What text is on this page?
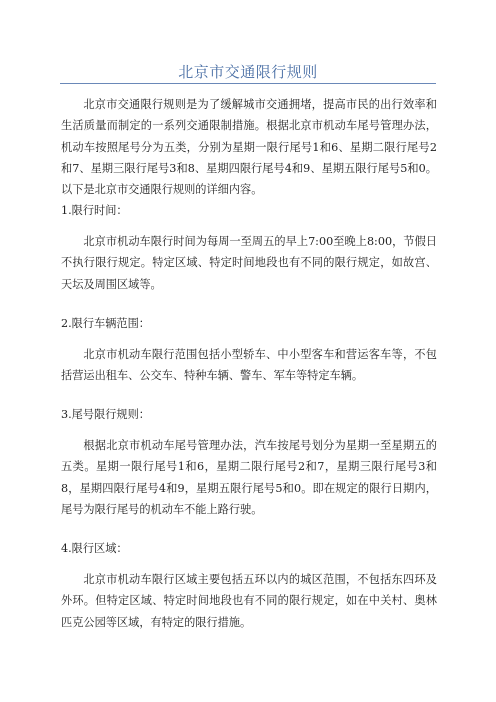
北京市交通限行规则

北京市交通限行规则是为了缓解城市交通拥堵，提高市民的出行效率和生活质量而制定的一系列交通限制措施。根据北京市机动车尾号管理办法，机动车按照尾号分为五类，分别为星期一限行尾号1和6、星期二限行尾号2和7、星期三限行尾号3和8、星期四限行尾号4和9、星期五限行尾号5和0。以下是北京市交通限行规则的详细内容。

1.限行时间：

北京市机动车限行时间为每周一至周五的早上7:00至晚上8:00，节假日不执行限行规定。特定区域、特定时间地段也有不同的限行规定，如故宫、天坛及周围区域等。

2.限行车辆范围：

北京市机动车限行范围包括小型轿车、中小型客车和营运客车等，不包括营运出租车、公交车、特种车辆、警车、军车等特定车辆。

3.尾号限行规则：

根据北京市机动车尾号管理办法，汽车按尾号划分为星期一至星期五的五类。星期一限行尾号1和6，星期二限行尾号2和7，星期三限行尾号3和8，星期四限行尾号4和9，星期五限行尾号5和0。即在规定的限行日期内，尾号为限行尾号的机动车不能上路行驶。

4.限行区域：

北京市机动车限行区域主要包括五环以内的城区范围，不包括东四环及外环。但特定区域、特定时间地段也有不同的限行规定，如在中关村、奥林匹克公园等区域，有特定的限行措施。
